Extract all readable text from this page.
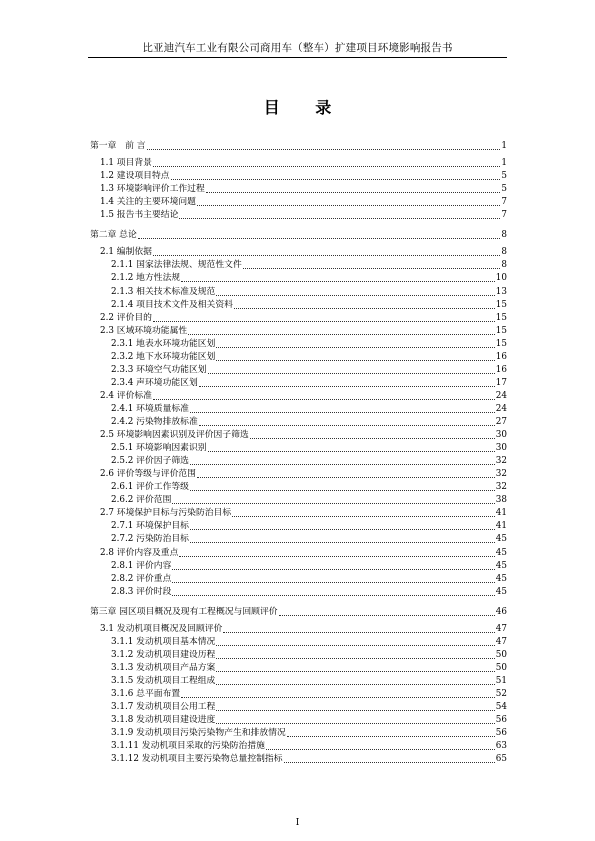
比亚迪汽车工业有限公司商用车（整车）扩建项目环境影响报告书
目 录
第一章　前 言	1
1.1 项目背景	1
1.2 建设项目特点	5
1.3 环境影响评价工作过程	5
1.4 关注的主要环境问题	7
1.5 报告书主要结论	7
第二章 总论	8
2.1 编制依据	8
2.1.1 国家法律法规、规范性文件	8
2.1.2 地方性法规	10
2.1.3 相关技术标准及规范	13
2.1.4 项目技术文件及相关资料	15
2.2 评价目的	15
2.3 区域环境功能属性	15
2.3.1 地表水环境功能区划	15
2.3.2 地下水环境功能区划	16
2.3.3 环境空气功能区划	16
2.3.4 声环境功能区划	17
2.4 评价标准	24
2.4.1 环境质量标准	24
2.4.2 污染物排放标准	27
2.5 环境影响因素识别及评价因子筛选	30
2.5.1 环境影响因素识别	30
2.5.2 评价因子筛选	32
2.6 评价等级与评价范围	32
2.6.1 评价工作等级	32
2.6.2 评价范围	38
2.7 环境保护目标与污染防治目标	41
2.7.1 环境保护目标	41
2.7.2 污染防治目标	45
2.8 评价内容及重点	45
2.8.1 评价内容	45
2.8.2 评价重点	45
2.8.3 评价时段	45
第三章 园区项目概况及现有工程概况与回顾评价	46
3.1 发动机项目概况及回顾评价	47
3.1.1 发动机项目基本情况	47
3.1.2 发动机项目建设历程	50
3.1.3 发动机项目产品方案	50
3.1.5 发动机项目工程组成	51
3.1.6 总平面布置	52
3.1.7 发动机项目公用工程	54
3.1.8 发动机项目建设进度	56
3.1.9 发动机项目污染污染物产生和排放情况	56
3.1.11 发动机项目采取的污染防治措施	63
3.1.12 发动机项目主要污染物总量控制指标	65
I
